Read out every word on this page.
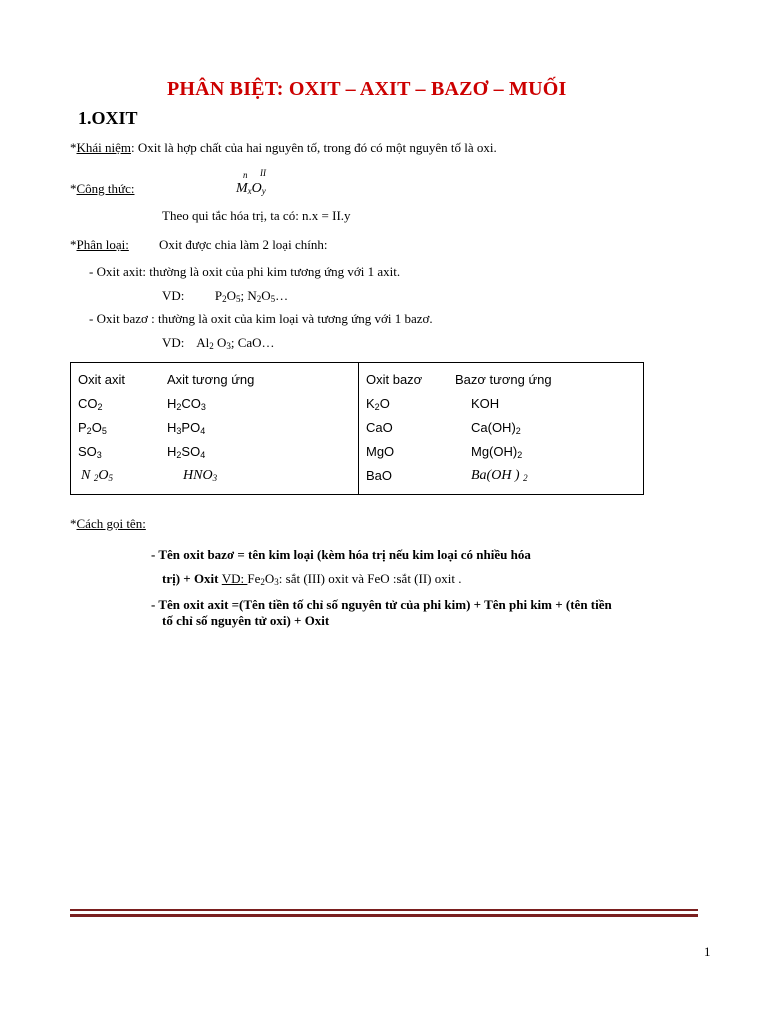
PHÂN BIỆT: OXIT – AXIT – BAZƠ – MUỐI
1.OXIT
*Khái niệm: Oxit là hợp chất của hai nguyên tố, trong đó có một nguyên tố là oxi.
*Công thức:
n II
$M_xO_y$
Theo qui tắc hóa trị, ta có: n.x = II.y
*Phân loại: Oxit được chia làm 2 loại chính:
- Oxit axit: thường là oxit của phi kim tương ứng với 1 axit.
VD: $P_2O_5$; $N_2O_5\dots$
- Oxit bazơ : thường là oxit của kim loại và tương ứng với 1 bazơ.
VD: $Al_2$ $O_3$; CaO…
Oxit axit	Axit tương ứng
$CO_2$	$H_2CO_3$
$P_2O_5$	$H_3PO_4$
$SO_3$	$H_2SO_4$
N $_2O_5$	$HNO_3$

Oxit bazơ	Bazơ tương ứng
$K_2O$	KOH
CaO	$Ca(OH)_2$
MgO	$Mg(OH)_2$
BaO	Ba(OH ) $_2$
*Cách gọi tên:
- Tên oxit bazơ = tên kim loại (kèm hóa trị nếu kim loại có nhiều hóa
trị) + Oxit VD: $Fe_2O_3$: sắt (III) oxit và FeO :sắt (II) oxit .
- Tên oxit axit =(Tên tiền tố chỉ số nguyên tử của phi kim) + Tên phi kim + (tên tiền
tố chỉ số nguyên tử oxi) + Oxit
1
